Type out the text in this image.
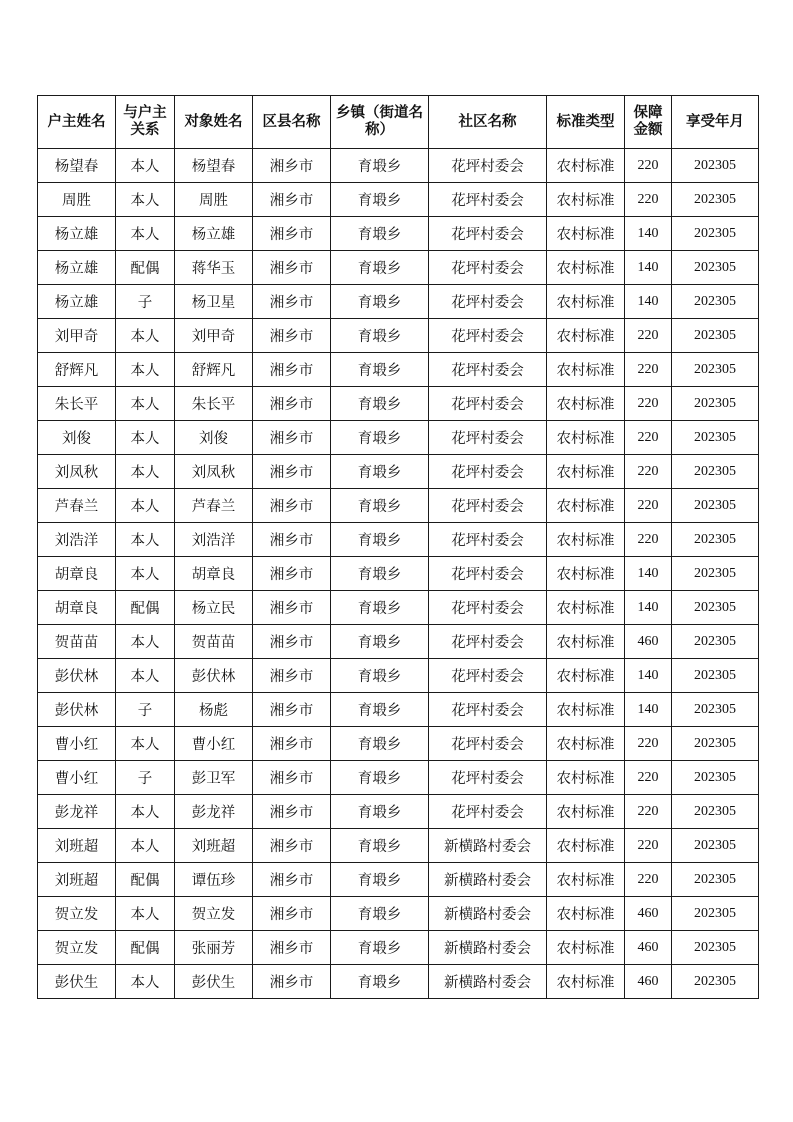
户主姓名	与户主关系	对象姓名	区县名称	乡镇（街道名称）	社区名称	标准类型	保障金额	享受年月
杨望春	本人	杨望春	湘乡市	育塅乡	花坪村委会	农村标准	220	202305
周胜	本人	周胜	湘乡市	育塅乡	花坪村委会	农村标准	220	202305
杨立雄	本人	杨立雄	湘乡市	育塅乡	花坪村委会	农村标准	140	202305
杨立雄	配偶	蒋华玉	湘乡市	育塅乡	花坪村委会	农村标准	140	202305
杨立雄	子	杨卫星	湘乡市	育塅乡	花坪村委会	农村标准	140	202305
刘甲奇	本人	刘甲奇	湘乡市	育塅乡	花坪村委会	农村标准	220	202305
舒辉凡	本人	舒辉凡	湘乡市	育塅乡	花坪村委会	农村标准	220	202305
朱长平	本人	朱长平	湘乡市	育塅乡	花坪村委会	农村标准	220	202305
刘俊	本人	刘俊	湘乡市	育塅乡	花坪村委会	农村标准	220	202305
刘凤秋	本人	刘凤秋	湘乡市	育塅乡	花坪村委会	农村标准	220	202305
芦春兰	本人	芦春兰	湘乡市	育塅乡	花坪村委会	农村标准	220	202305
刘浩洋	本人	刘浩洋	湘乡市	育塅乡	花坪村委会	农村标准	220	202305
胡章良	本人	胡章良	湘乡市	育塅乡	花坪村委会	农村标准	140	202305
胡章良	配偶	杨立民	湘乡市	育塅乡	花坪村委会	农村标准	140	202305
贺苗苗	本人	贺苗苗	湘乡市	育塅乡	花坪村委会	农村标准	460	202305
彭伏林	本人	彭伏林	湘乡市	育塅乡	花坪村委会	农村标准	140	202305
彭伏林	子	杨彪	湘乡市	育塅乡	花坪村委会	农村标准	140	202305
曹小红	本人	曹小红	湘乡市	育塅乡	花坪村委会	农村标准	220	202305
曹小红	子	彭卫军	湘乡市	育塅乡	花坪村委会	农村标准	220	202305
彭龙祥	本人	彭龙祥	湘乡市	育塅乡	花坪村委会	农村标准	220	202305
刘班超	本人	刘班超	湘乡市	育塅乡	新横路村委会	农村标准	220	202305
刘班超	配偶	谭伍珍	湘乡市	育塅乡	新横路村委会	农村标准	220	202305
贺立发	本人	贺立发	湘乡市	育塅乡	新横路村委会	农村标准	460	202305
贺立发	配偶	张丽芳	湘乡市	育塅乡	新横路村委会	农村标准	460	202305
彭伏生	本人	彭伏生	湘乡市	育塅乡	新横路村委会	农村标准	460	202305
